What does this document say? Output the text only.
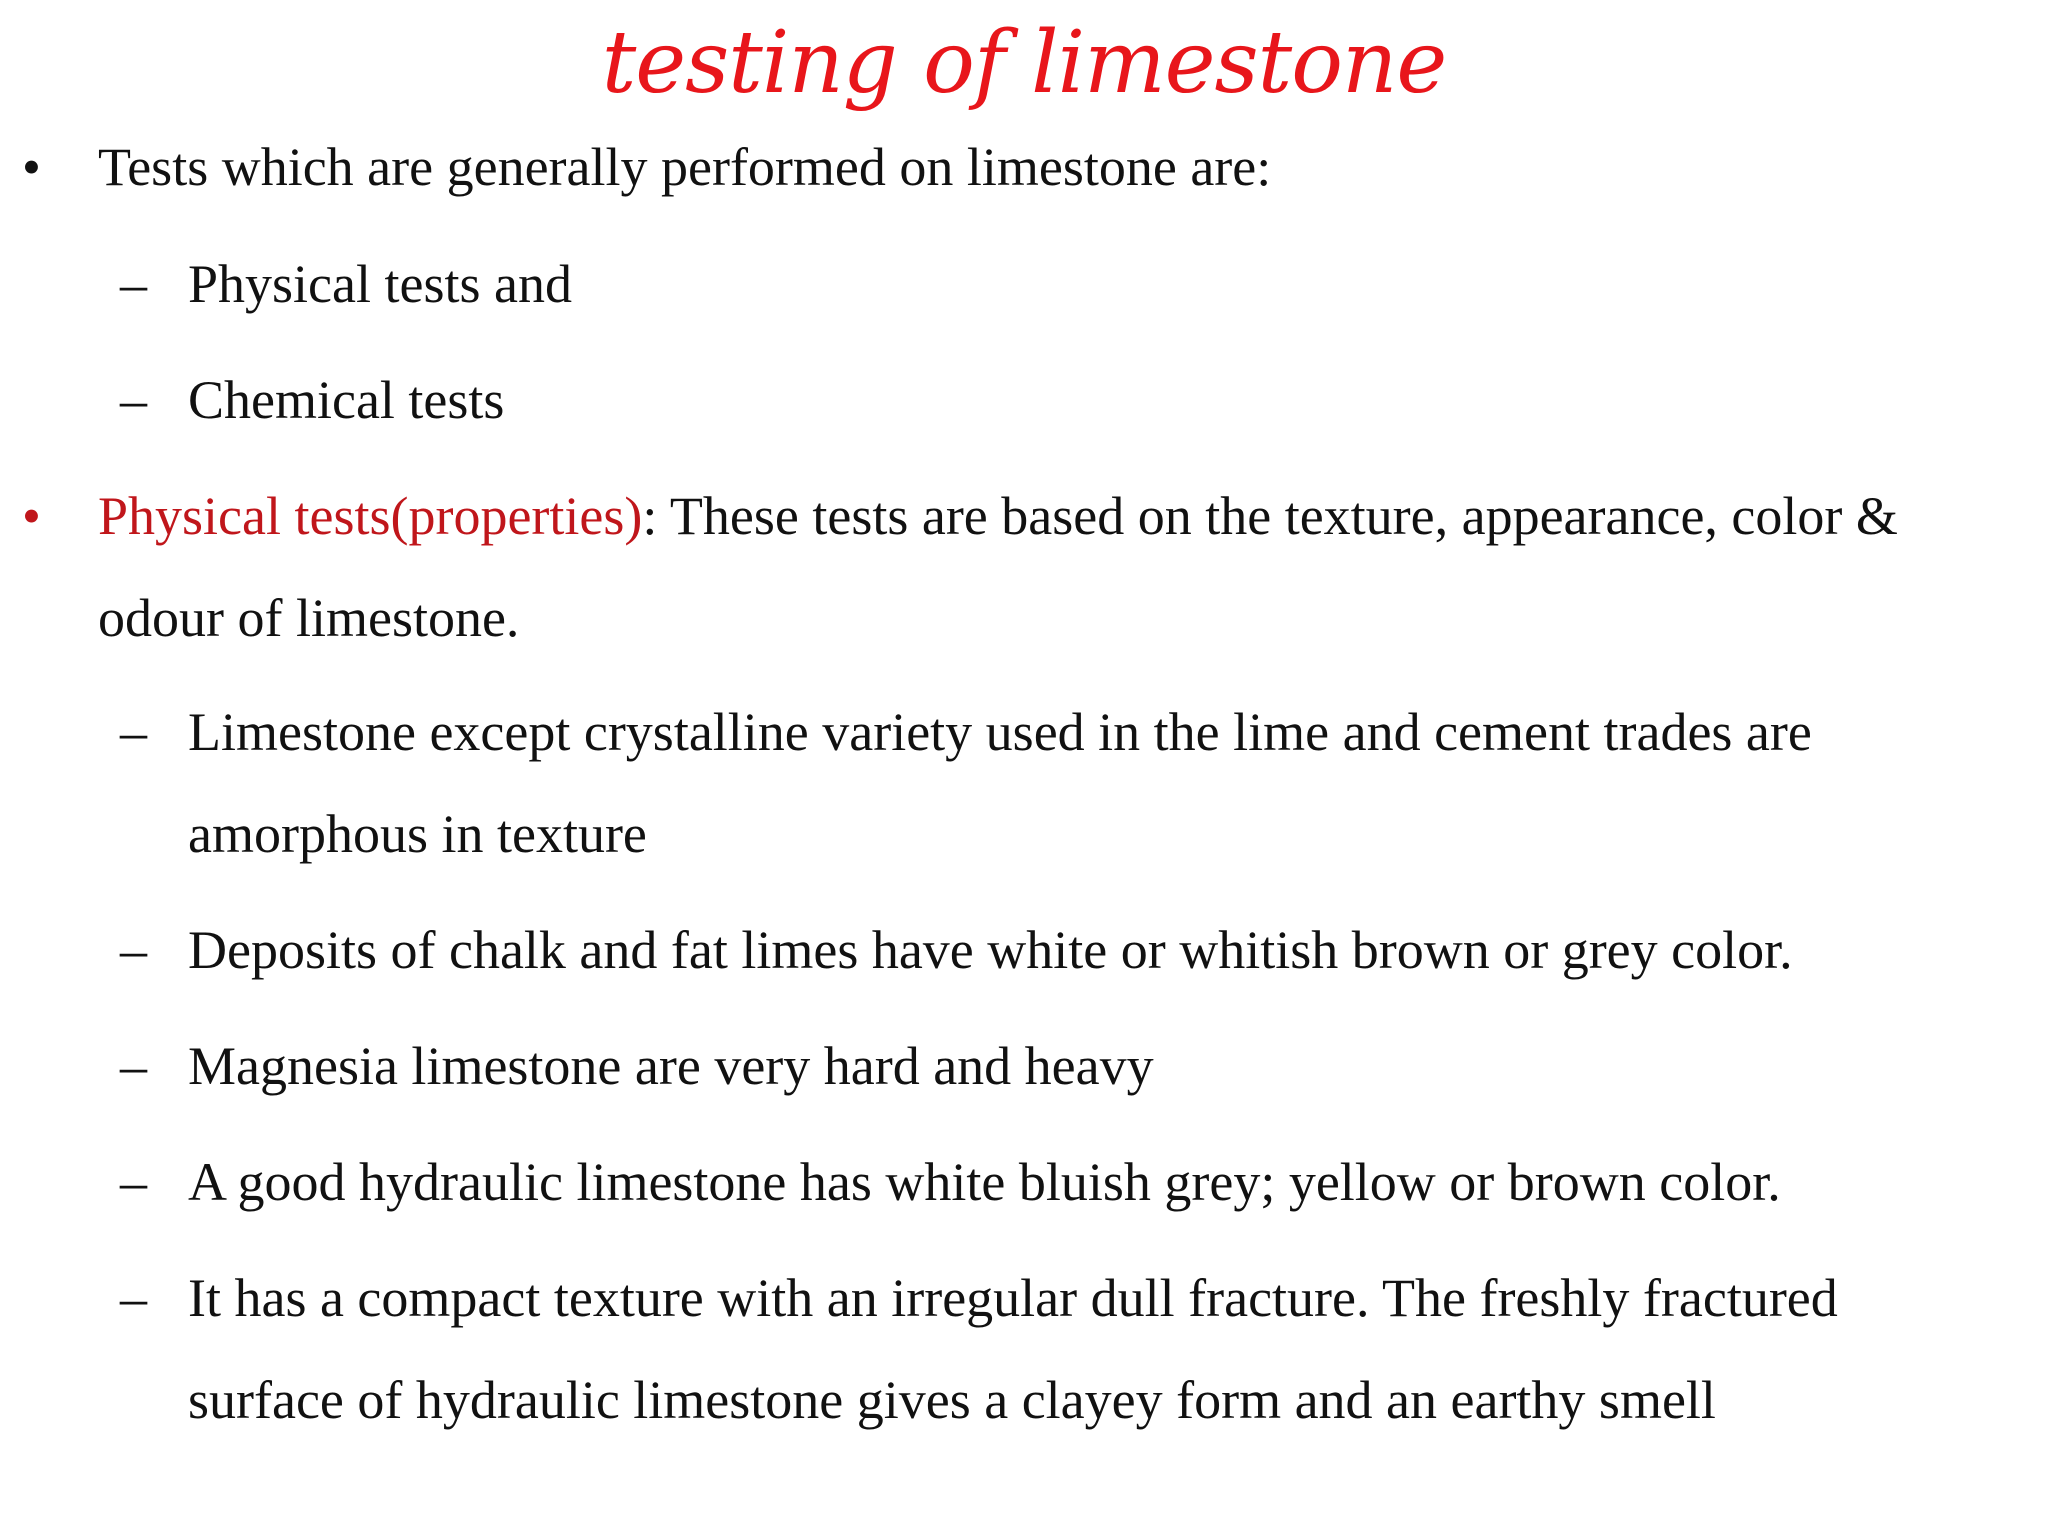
testing of limestone
• Tests which are generally performed on limestone are:
– Physical tests and
– Chemical tests
• Physical tests(properties): These tests are based on the texture, appearance, color &
odour of limestone.
– Limestone except crystalline variety used in the lime and cement trades are
amorphous in texture
– Deposits of chalk and fat limes have white or whitish brown or grey color.
– Magnesia limestone are very hard and heavy
– A good hydraulic limestone has white bluish grey; yellow or brown color.
– It has a compact texture with an irregular dull fracture. The freshly fractured
surface of hydraulic limestone gives a clayey form and an earthy smell
